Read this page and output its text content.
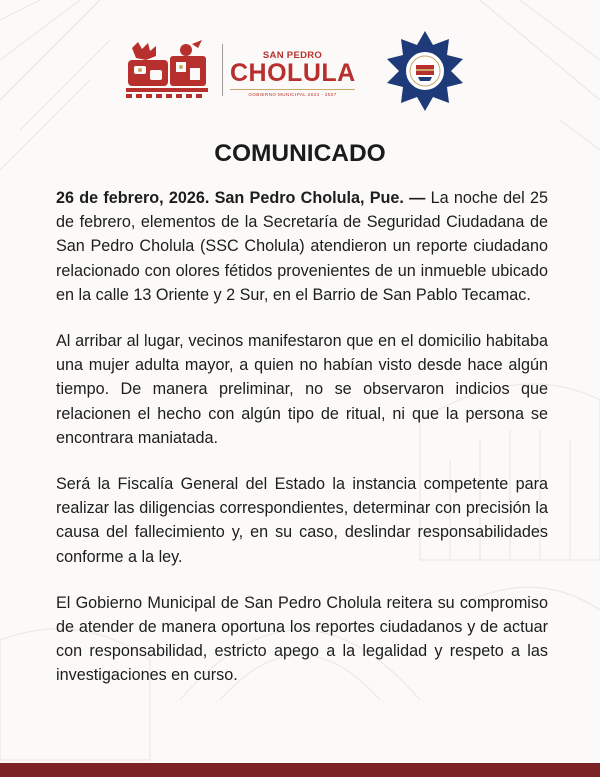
SAN PEDRO
CHOLULA
GOBIERNO MUNICIPAL 2024 - 2027
COMUNICADO

26 de febrero, 2026. San Pedro Cholula, Pue. — La noche del 25 de febrero, elementos de la Secretaría de Seguridad Ciudadana de San Pedro Cholula (SSC Cholula) atendieron un reporte ciudadano relacionado con olores fétidos provenientes de un inmueble ubicado en la calle 13 Oriente y 2 Sur, en el Barrio de San Pablo Tecamac.

Al arribar al lugar, vecinos manifestaron que en el domicilio habitaba una mujer adulta mayor, a quien no habían visto desde hace algún tiempo. De manera preliminar, no se observaron indicios que relacionen el hecho con algún tipo de ritual, ni que la persona se encontrara maniatada.

Será la Fiscalía General del Estado la instancia competente para realizar las diligencias correspondientes, determinar con precisión la causa del fallecimiento y, en su caso, deslindar responsabilidades conforme a la ley.

El Gobierno Municipal de San Pedro Cholula reitera su compromiso de atender de manera oportuna los reportes ciudadanos y de actuar con responsabilidad, estricto apego a la legalidad y respeto a las investigaciones en curso.
